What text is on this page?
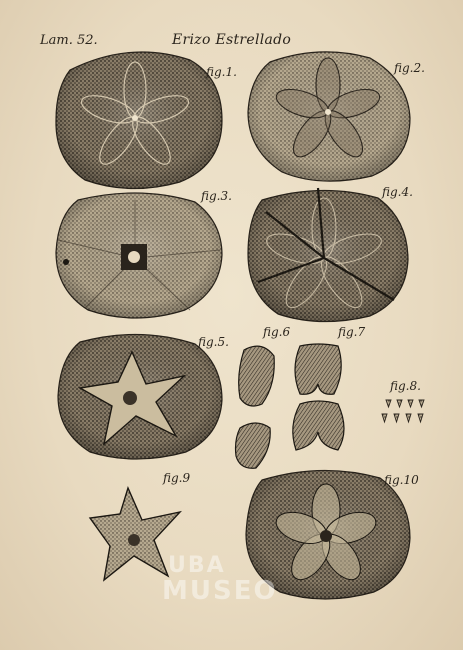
Lam. 52.	Erizo Estrellado
fig.1.	fig.2.
fig.3.	fig.4.
fig.5.
fig.6	fig.7
fig.8.
fig.9	fig.10
UBA
MUSEO
